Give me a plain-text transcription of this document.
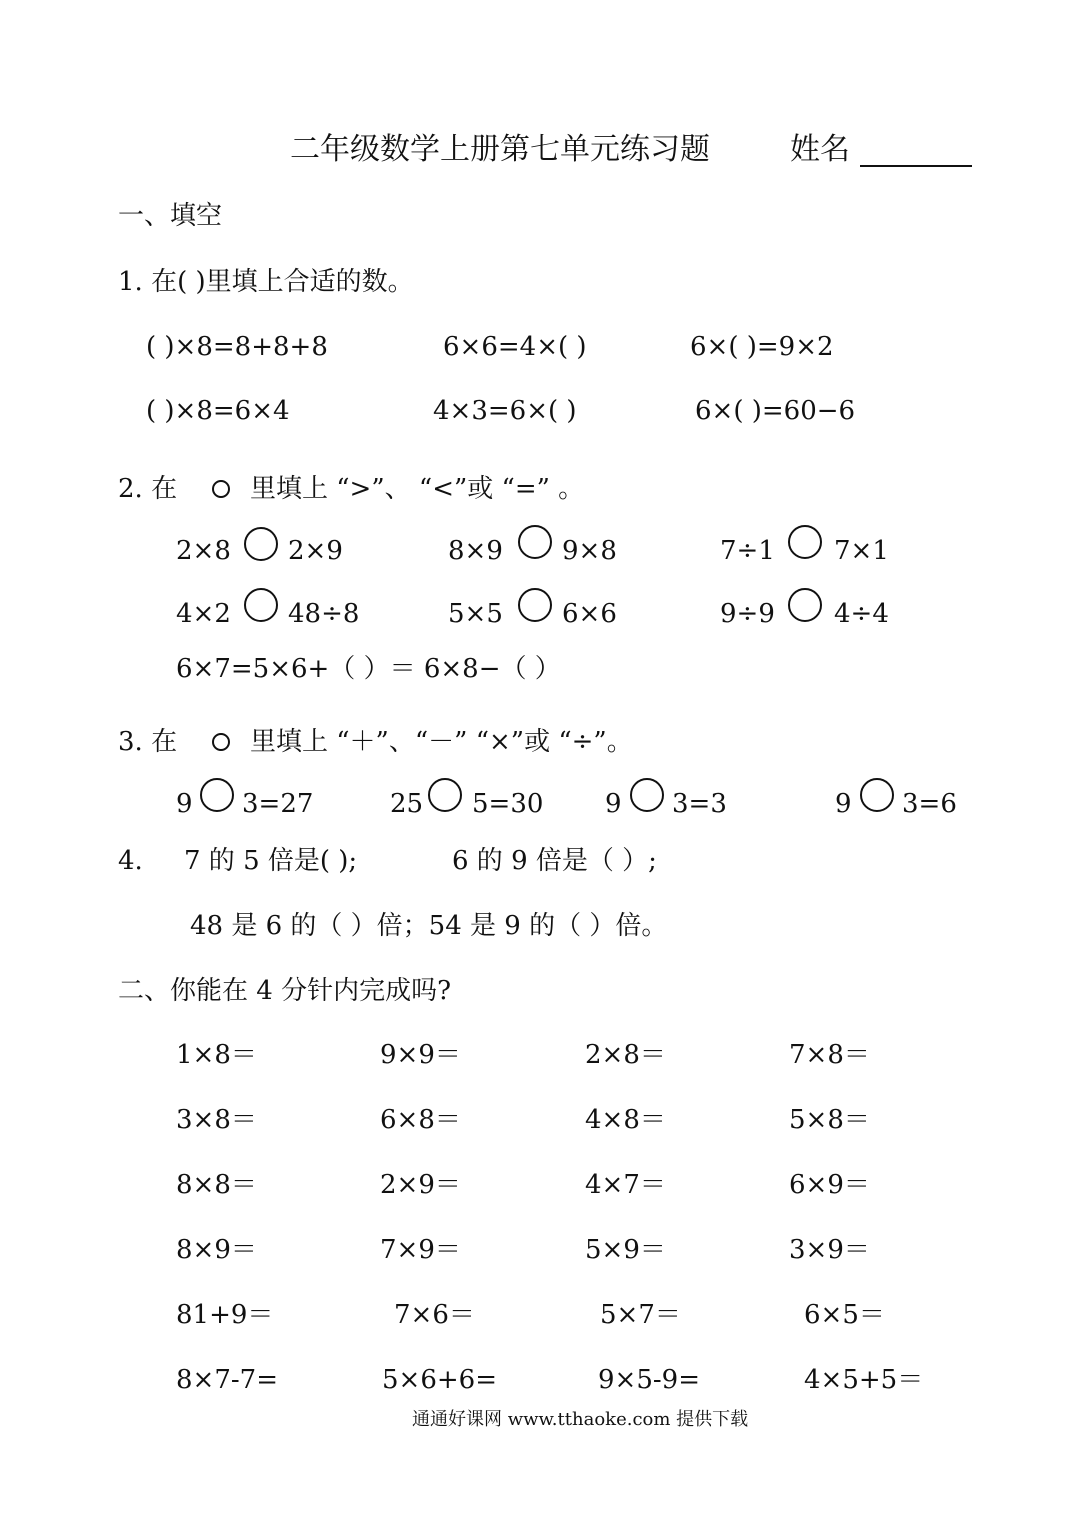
二年级数学上册第七单元练习题	姓名
一、填空
1. 在( )里填上合适的数。
( )×8=8+8+8	6×6=4×( )	6×( )=9×2
( )×8=6×4	4×3=6×( )	6×( )=60−6
2. 在	里填上 “>”、 “<”或 “=” 。
2×8 2×9	8×9 9×8	7÷1 7×1
4×2 48÷8	5×5 6×6	9÷9 4÷4
6×7=5×6+（ ）＝ 6×8−（ ）
3. 在	里填上 “＋”、“－” “×”或 “÷”。
9 3=27	25 5=30 9 3=3	9 3=6
4. 7 的 5 倍是( );	6 的 9 倍是（ ）;
48 是 6 的（ ）倍；54 是 9 的（ ）倍。
二、你能在 4 分针内完成吗?
1×8＝	9×9＝	2×8＝	7×8＝
3×8＝	6×8＝	4×8＝	5×8＝
8×8＝	2×9＝	4×7＝	6×9＝
8×9＝	7×9＝	5×9＝	3×9＝
81+9＝	7×6＝	5×7＝	6×5＝
8×7-7=	5×6+6=	9×5-9=	4×5+5＝
通通好课网 www.tthaoke.com 提供下载
